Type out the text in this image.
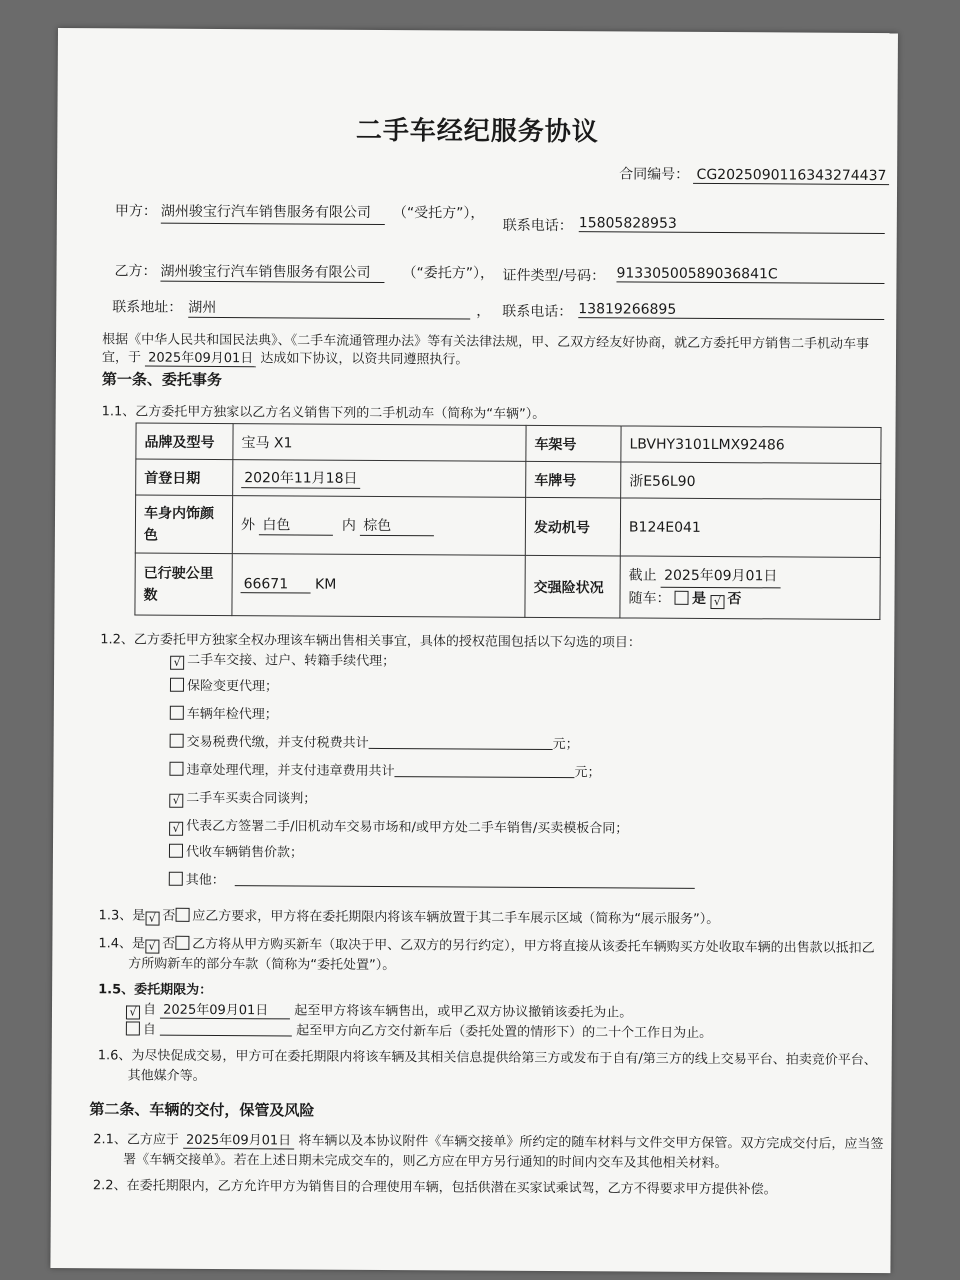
二手车经纪服务协议
合同编号： CG2025090116343274437
甲方： 湖州骏宝行汽车销售服务有限公司	（“受托方”），
联系电话： 15805828953
乙方： 湖州骏宝行汽车销售服务有限公司	（“委托方”）， 证件类型/号码： 91330500589036841C
联系地址： 湖州	， 联系电话： 13819266895
根据《中华人民共和国民法典》、《二手车流通管理办法》等有关法律法规，甲、乙双方经友好协商，就乙方委托甲方销售二手机动车事
宜，于 2025年09月01日 达成如下协议，以资共同遵照执行。
第一条、委托事务
1.1、乙方委托甲方独家以乙方名义销售下列的二手机动车（简称为“车辆”）。
品牌及型号	宝马 X1	车架号	LBVHY3101LMX92486
首登日期	2020年11月18日	车牌号	浙E56L90
车身内饰颜色	外 白色 内 棕色	发动机号	B124E041
已行驶公里数	66671 KM	交强险状况	截止 2025年09月01日
随车： 是 √ 否
1.2、乙方委托甲方独家全权办理该车辆出售相关事宜，具体的授权范围包括以下勾选的项目：
√ 二手车交接、过户、转籍手续代理；
保险变更代理；
车辆年检代理；
交易税费代缴，并支付税费共计	元；
违章处理代理，并支付违章费用共计	元；
√ 二手车买卖合同谈判；
√ 代表乙方签署二手/旧机动车交易市场和/或甲方处二手车销售/买卖模板合同；
代收车辆销售价款；
其他：
1.3、是 √ 否 应乙方要求，甲方将在委托期限内将该车辆放置于其二手车展示区域（简称为“展示服务”）。
1.4、是 √ 否 乙方将从甲方购买新车（取决于甲、乙双方的另行约定），甲方将直接从该委托车辆购买方处收取车辆的出售款以抵扣乙
方所购新车的部分车款（简称为“委托处置”）。
1.5、委托期限为：
√ 自 2025年09月01日 起至甲方将该车辆售出，或甲乙双方协议撤销该委托为止。
自	起至甲方向乙方交付新车后（委托处置的情形下）的二十个工作日为止。
1.6、为尽快促成交易，甲方可在委托期限内将该车辆及其相关信息提供给第三方或发布于自有/第三方的线上交易平台、拍卖竞价平台、
其他媒介等。
第二条、车辆的交付，保管及风险
2.1、乙方应于 2025年09月01日 将车辆以及本协议附件《车辆交接单》所约定的随车材料与文件交甲方保管。双方完成交付后，应当签
署《车辆交接单》。若在上述日期未完成交车的，则乙方应在甲方另行通知的时间内交车及其他相关材料。
2.2、在委托期限内，乙方允许甲方为销售目的合理使用车辆，包括供潜在买家试乘试驾，乙方不得要求甲方提供补偿。
